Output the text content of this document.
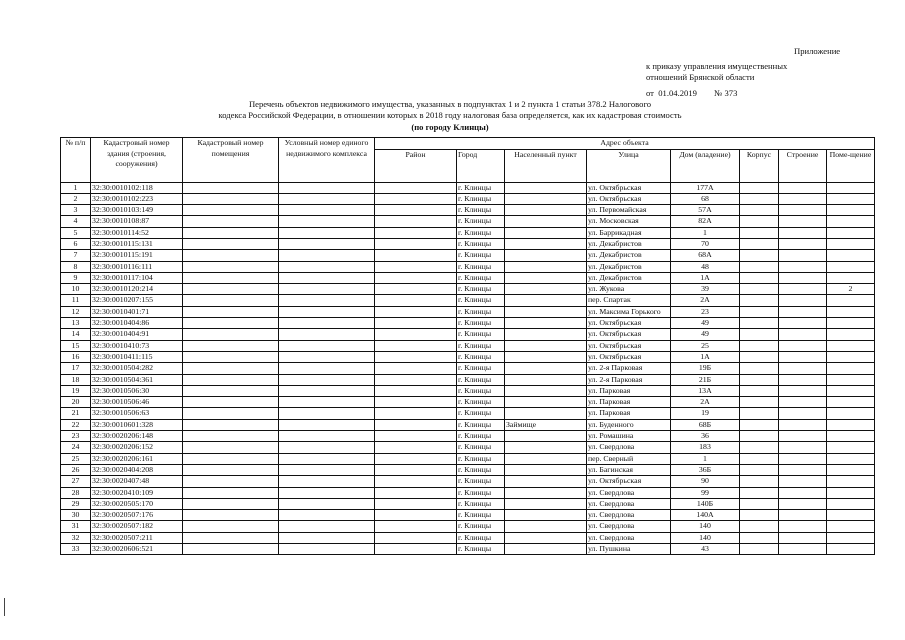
Приложение
к приказу управления имущественных
отношений Брянской области
от 01.04.2019 № 373
Перечень объектов недвижимого имущества, указанных в подпунктах 1 и 2 пункта 1 статьи 378.2 Налогового
кодекса Российской Федерации, в отношении которых в 2018 году налоговая база определяется, как их кадастровая стоимость
(по городу Клинцы)
№ п/п	Кадастровый номер здания (строения, сооружения)	Кадастровый номер помещения	Условный номер единого недвижимого комплекса	Адрес объекта							
				Район	Город	Населенный пункт	Улица	Дом (владение)	Корпус	Строение	Поме-щение
1	32:30:0010102:118				г. Клинцы		ул. Октябрьская	177А			
2	32:30:0010102:223				г. Клинцы		ул. Октябрьская	68			
3	32:30:0010103:149				г. Клинцы		ул. Первомайская	57А			
4	32:30:0010108:87				г. Клинцы		ул. Московская	82А			
5	32:30:0010114:52				г. Клинцы		ул. Баррикадная	1			
6	32:30:0010115:131				г. Клинцы		ул. Декабристов	70			
7	32:30:0010115:191				г. Клинцы		ул. Декабристов	68А			
8	32:30:0010116:111				г. Клинцы		ул. Декабристов	48			
9	32:30:0010117:104				г. Клинцы		ул. Декабристов	1А			
10	32:30:0010120:214				г. Клинцы		ул. Жукова	39			2
11	32:30:0010207:155				г. Клинцы		пер. Спартак	2А			
12	32:30:0010401:71				г. Клинцы		ул. Максима Горького	23			
13	32:30:0010404:86				г. Клинцы		ул. Октябрьская	49			
14	32:30:0010404:91				г. Клинцы		ул. Октябрьская	49			
15	32:30:0010410:73				г. Клинцы		ул. Октябрьская	25			
16	32:30:0010411:115				г. Клинцы		ул. Октябрьская	1А			
17	32:30:0010504:282				г. Клинцы		ул. 2-я Парковая	19Б			
18	32:30:0010504:361				г. Клинцы		ул. 2-я Парковая	21Б			
19	32:30:0010506:30				г. Клинцы		ул. Парковая	13А			
20	32:30:0010506:46				г. Клинцы		ул. Парковая	2А			
21	32:30:0010506:63				г. Клинцы		ул. Парковая	19			
22	32:30:0010601:328				г. Клинцы	Займище	ул. Буденного	68Б			
23	32:30:0020206:148				г. Клинцы		ул. Ромашина	36			
24	32:30:0020206:152				г. Клинцы		ул. Свердлова	183			
25	32:30:0020206:161				г. Клинцы		пер. Сверный	1			
26	32:30:0020404:208				г. Клинцы		ул. Багинская	36Б			
27	32:30:0020407:48				г. Клинцы		ул. Октябрьская	90			
28	32:30:0020410:109				г. Клинцы		ул. Свердлова	99			
29	32:30:0020505:170				г. Клинцы		ул. Свердлова	140Б			
30	32:30:0020507:176				г. Клинцы		ул. Свердлова	140А			
31	32:30:0020507:182				г. Клинцы		ул. Свердлова	140			
32	32:30:0020507:211				г. Клинцы		ул. Свердлова	140			
33	32:30:0020606:521				г. Клинцы		ул. Пушкина	43			
